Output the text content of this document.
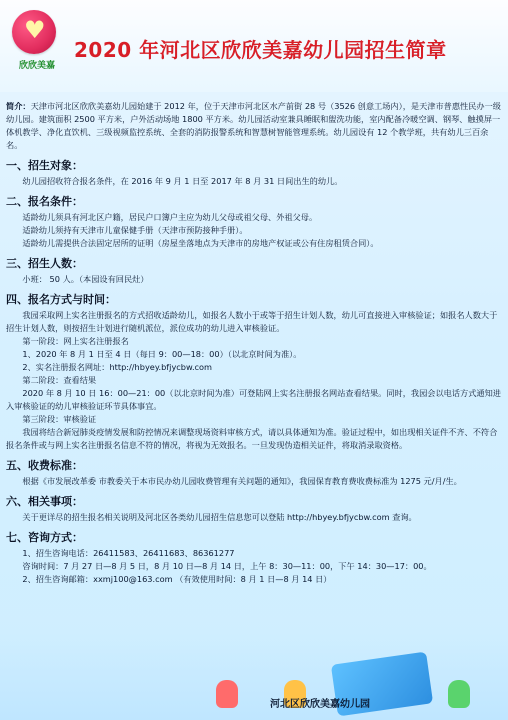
♥
欣欣美嘉
2020 年河北区欣欣美嘉幼儿园招生简章

简介：天津市河北区欣欣美嘉幼儿园始建于 2012 年，位于天津市河北区水产前街 28 号（3526 创意工场内），是天津市普惠性民办一级幼儿园。建筑面积 2500 平方米，户外活动场地 1800 平方米。幼儿园活动室兼具睡眠和盥洗功能，室内配备冷暖空调、钢琴、触摸屏一体机教学、净化直饮机、三级视频监控系统、全套的消防报警系统和智慧树智能管理系统。幼儿园设有 12 个教学班，共有幼儿三百余名。

一、招生对象：

幼儿园招收符合报名条件，在 2016 年 9 月 1 日至 2017 年 8 月 31 日间出生的幼儿。

二、报名条件：

适龄幼儿须具有河北区户籍，居民户口簿户主应为幼儿父母或祖父母、外祖父母。

适龄幼儿须持有天津市儿童保健手册（天津市预防接种手册）。

适龄幼儿需提供合法固定居所的证明（房屋坐落地点为天津市的房地产权证或公有住房租赁合同）。

三、招生人数：

小班： 50 人。（本园设有回民灶）

四、报名方式与时间：

我园采取网上实名注册报名的方式招收适龄幼儿，如报名人数小于或等于招生计划人数，幼儿可直接进入审核验证；如报名人数大于招生计划人数，则按招生计划进行随机派位，派位成功的幼儿进入审核验证。

第一阶段：网上实名注册报名

1、2020 年 8 月 1 日至 4 日（每日 9：00—18：00）（以北京时间为准）。

2、实名注册报名网址：http://hbyey.bfjycbw.com

第二阶段：查看结果

2020 年 8 月 10 日 16：00—21：00（以北京时间为准）可登陆网上实名注册报名网站查看结果。同时，我园会以电话方式通知进入审核验证的幼儿审核验证环节具体事宜。

第三阶段：审核验证

我园将结合新冠肺炎疫情发展和防控情况来调整现场资料审核方式，请以具体通知为准。验证过程中，如出现相关证件不齐、不符合报名条件或与网上实名注册报名信息不符的情况，将视为无效报名。一旦发现伪造相关证件，将取消录取资格。

五、收费标准：

根据《市发展改革委 市教委关于本市民办幼儿园收费管理有关问题的通知》，我园保育教育费收费标准为 1275 元/月/生。

六、相关事项：

关于更详尽的招生报名相关说明及河北区各类幼儿园招生信息您可以登陆 http://hbyey.bfjycbw.com 查询。

七、咨询方式：

1、招生咨询电话：26411583、26411683、86361277

咨询时间：7 月 27 日—8 月 5 日，8 月 10 日—8 月 14 日，上午 8：30—11：00，下午 14：30—17：00。

2、招生咨询邮箱：xxmj100@163.com （有效使用时间：8 月 1 日—8 月 14 日）

河北区欣欣美嘉幼儿园
